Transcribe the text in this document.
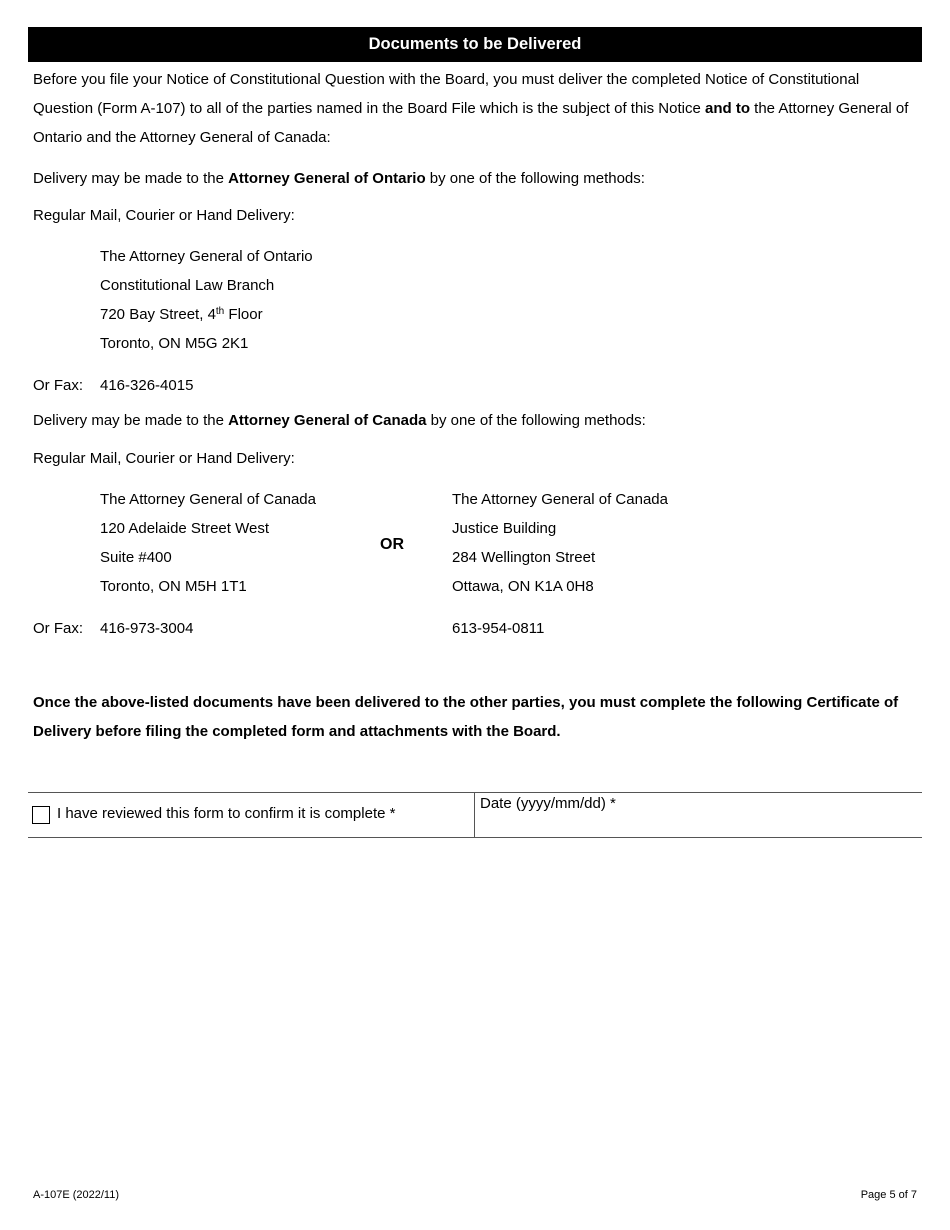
Documents to be Delivered
Before you file your Notice of Constitutional Question with the Board, you must deliver the completed Notice of Constitutional Question (Form A-107) to all of the parties named in the Board File which is the subject of this Notice and to the Attorney General of Ontario and the Attorney General of Canada:
Delivery may be made to the Attorney General of Ontario by one of the following methods:
Regular Mail, Courier or Hand Delivery:
The Attorney General of Ontario
Constitutional Law Branch
720 Bay Street, 4th Floor
Toronto, ON M5G 2K1
Or Fax: 416-326-4015
Delivery may be made to the Attorney General of Canada by one of the following methods:
Regular Mail, Courier or Hand Delivery:
The Attorney General of Canada
120 Adelaide Street West
Suite #400
Toronto, ON M5H 1T1
OR
The Attorney General of Canada
Justice Building
284 Wellington Street
Ottawa, ON K1A 0H8
Or Fax: 416-973-3004	613-954-0811
Once the above-listed documents have been delivered to the other parties, you must complete the following Certificate of Delivery before filing the completed form and attachments with the Board.
I have reviewed this form to confirm it is complete *
Date (yyyy/mm/dd) *
A-107E (2022/11)	Page 5 of 7
